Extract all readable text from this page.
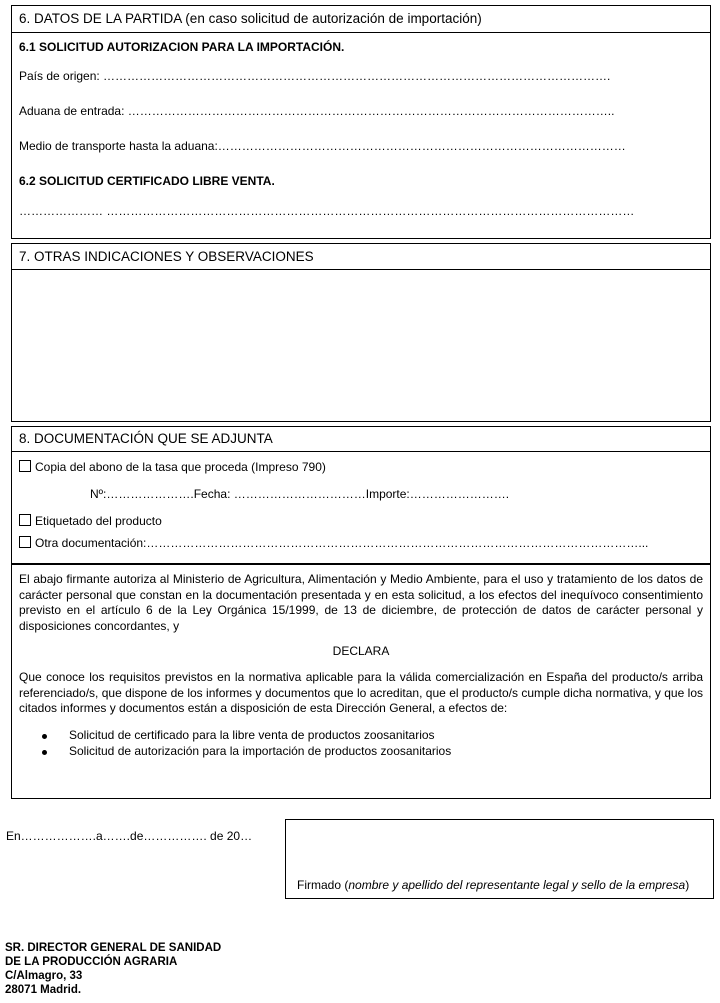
6. DATOS DE LA PARTIDA (en caso solicitud de autorización de importación)
6.1 SOLICITUD AUTORIZACION PARA LA IMPORTACIÓN.
País de origen: ……………………………………………………………………………………………………………….
Aduana de entrada: …………………………………………………………………………………………………………..
Medio de transporte hasta la aduana:…………………………………………………………………………………………
6.2 SOLICITUD CERTIFICADO LIBRE VENTA.
………………… ……………………………………………………………………………………………………………………
7. OTRAS INDICACIONES Y OBSERVACIONES
8. DOCUMENTACIÓN QUE SE ADJUNTA
Copia del abono de la tasa que proceda (Impreso 790)
Nº:………………….Fecha: ……………………………Importe:…………………….
Etiquetado del producto
Otra documentación:……………………………………………………………………………………………………………...
El abajo firmante autoriza al Ministerio de Agricultura, Alimentación y Medio Ambiente, para el uso y tratamiento de los datos de carácter personal que constan en la documentación presentada y en esta solicitud, a los efectos del inequívoco consentimiento previsto en el artículo 6 de la Ley Orgánica 15/1999, de 13 de diciembre, de protección de datos de carácter personal y disposiciones concordantes, y
DECLARA
Que conoce los requisitos previstos en la normativa aplicable para la válida comercialización en España del producto/s arriba referenciado/s, que dispone de los informes y documentos que lo acreditan, que el producto/s cumple dicha normativa, y que los citados informes y documentos están a disposición de esta Dirección General, a efectos de:
Solicitud de certificado para la libre venta de productos zoosanitarios
Solicitud de autorización para la importación de productos zoosanitarios
En……………….a…….de……………. de 20…
Firmado (nombre y apellido del representante legal y sello de la empresa)
SR. DIRECTOR GENERAL DE SANIDAD
DE LA PRODUCCIÓN AGRARIA
C/Almagro, 33
28071 Madrid.
